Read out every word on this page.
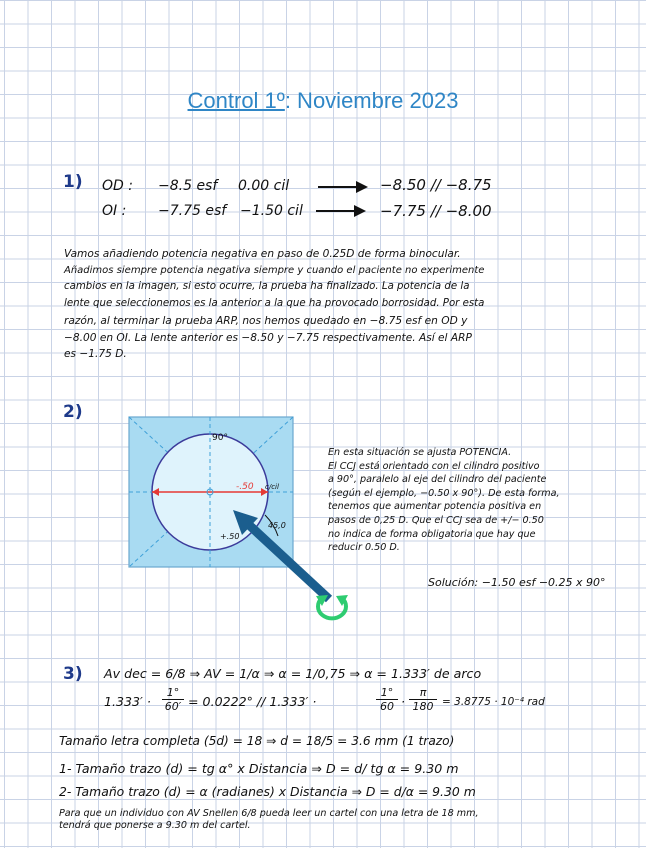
Control 1º: Noviembre 2023
1) OD : −8.5 esf 0.00 cil	−8.50 // −8.75
OI : −7.75 esf −1.50 cil	−7.75 // −8.00
Vamos añadiendo potencia negativa en paso de 0.25D de forma binocular.
Añadimos siempre potencia negativa siempre y cuando el paciente no experimente
cambios en la imagen, si esto ocurre, la prueba ha finalizado. La potencia de la
lente que seleccionemos es la anterior a la que ha provocado borrosidad. Por esta
razón, al terminar la prueba ARP, nos hemos quedado en −8.75 esf en OD y
−8.00 en OI. La lente anterior es −8.50 y −7.75 respectivamente. Así el ARP
es −1.75 D.
2)
90°
-.50 c/cil
45,0
+.50
En esta situación se ajusta POTENCIA.
El CCJ está orientado con el cilindro positivo
a 90°, paralelo al eje del cilindro del paciente
(según el ejemplo, −0.50 x 90°). De esta forma,
tenemos que aumentar potencia positiva en
pasos de 0,25 D. Que el CCJ sea de +/− 0.50
no indica de forma obligatoria que hay que
reducir 0.50 D.
Solución: −1.50 esf −0.25 x 90°
3) Av dec = 6/8 ⇒ AV = 1/α ⇒ α = 1/0,75 ⇒ α = 1.333′ de arco
$1.333' \cdot \frac{1^\circ}{60'} = 0.0222^\circ // 1.333'$ ·	$\frac{1^\circ}{60} \cdot \frac{\pi}{180} = 3.8775 \cdot 10^{-4}$ rad
Tamaño letra completa (5d) = 18 ⇒ d = 18/5 = 3.6 mm (1 trazo)
1- Tamaño trazo (d) = tg α° x Distancia ⇒ D = d/ tg α = 9.30 m
2- Tamaño trazo (d) = α (radianes) x Distancia ⇒ D = d/α = 9.30 m
Para que un individuo con AV Snellen 6/8 pueda leer un cartel con una letra de 18 mm,
tendrá que ponerse a 9.30 m del cartel.
